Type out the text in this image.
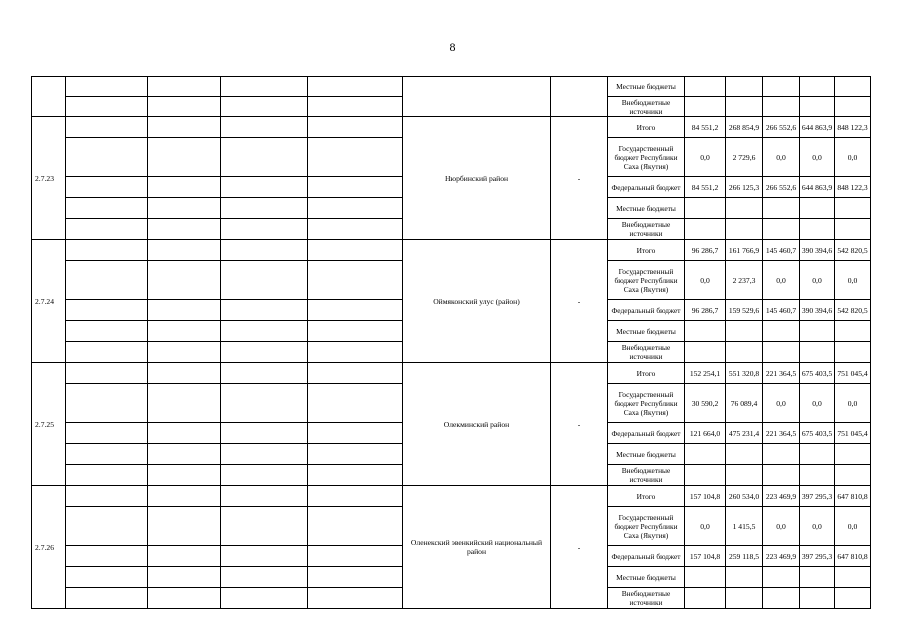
8
							Местные бюджеты					
							Внебюджетные источники					
2.7.23					Нюрбинский район	-	Итого	84 551,2	268 854,9	266 552,6	644 863,9	848 122,3
							Государственный бюджет Республики Саха (Якутия)	0,0	2 729,6	0,0	0,0	0,0
							Федеральный бюджет	84 551,2	266 125,3	266 552,6	644 863,9	848 122,3
							Местные бюджеты					
							Внебюджетные источники					
2.7.24					Оймяконский улус (район)	-	Итого	96 286,7	161 766,9	145 460,7	390 394,6	542 820,5
							Государственный бюджет Республики Саха (Якутия)	0,0	2 237,3	0,0	0,0	0,0
							Федеральный бюджет	96 286,7	159 529,6	145 460,7	390 394,6	542 820,5
							Местные бюджеты					
							Внебюджетные источники					
2.7.25					Олекминский район	-	Итого	152 254,1	551 320,8	221 364,5	675 403,5	751 045,4
							Государственный бюджет Республики Саха (Якутия)	30 590,2	76 089,4	0,0	0,0	0,0
							Федеральный бюджет	121 664,0	475 231,4	221 364,5	675 403,5	751 045,4
							Местные бюджеты					
							Внебюджетные источники					
2.7.26					Оленекский эвенкийский национальный район	-	Итого	157 104,8	260 534,0	223 469,9	397 295,3	647 810,8
							Государственный бюджет Республики Саха (Якутия)	0,0	1 415,5	0,0	0,0	0,0
							Федеральный бюджет	157 104,8	259 118,5	223 469,9	397 295,3	647 810,8
							Местные бюджеты					
							Внебюджетные источники					
